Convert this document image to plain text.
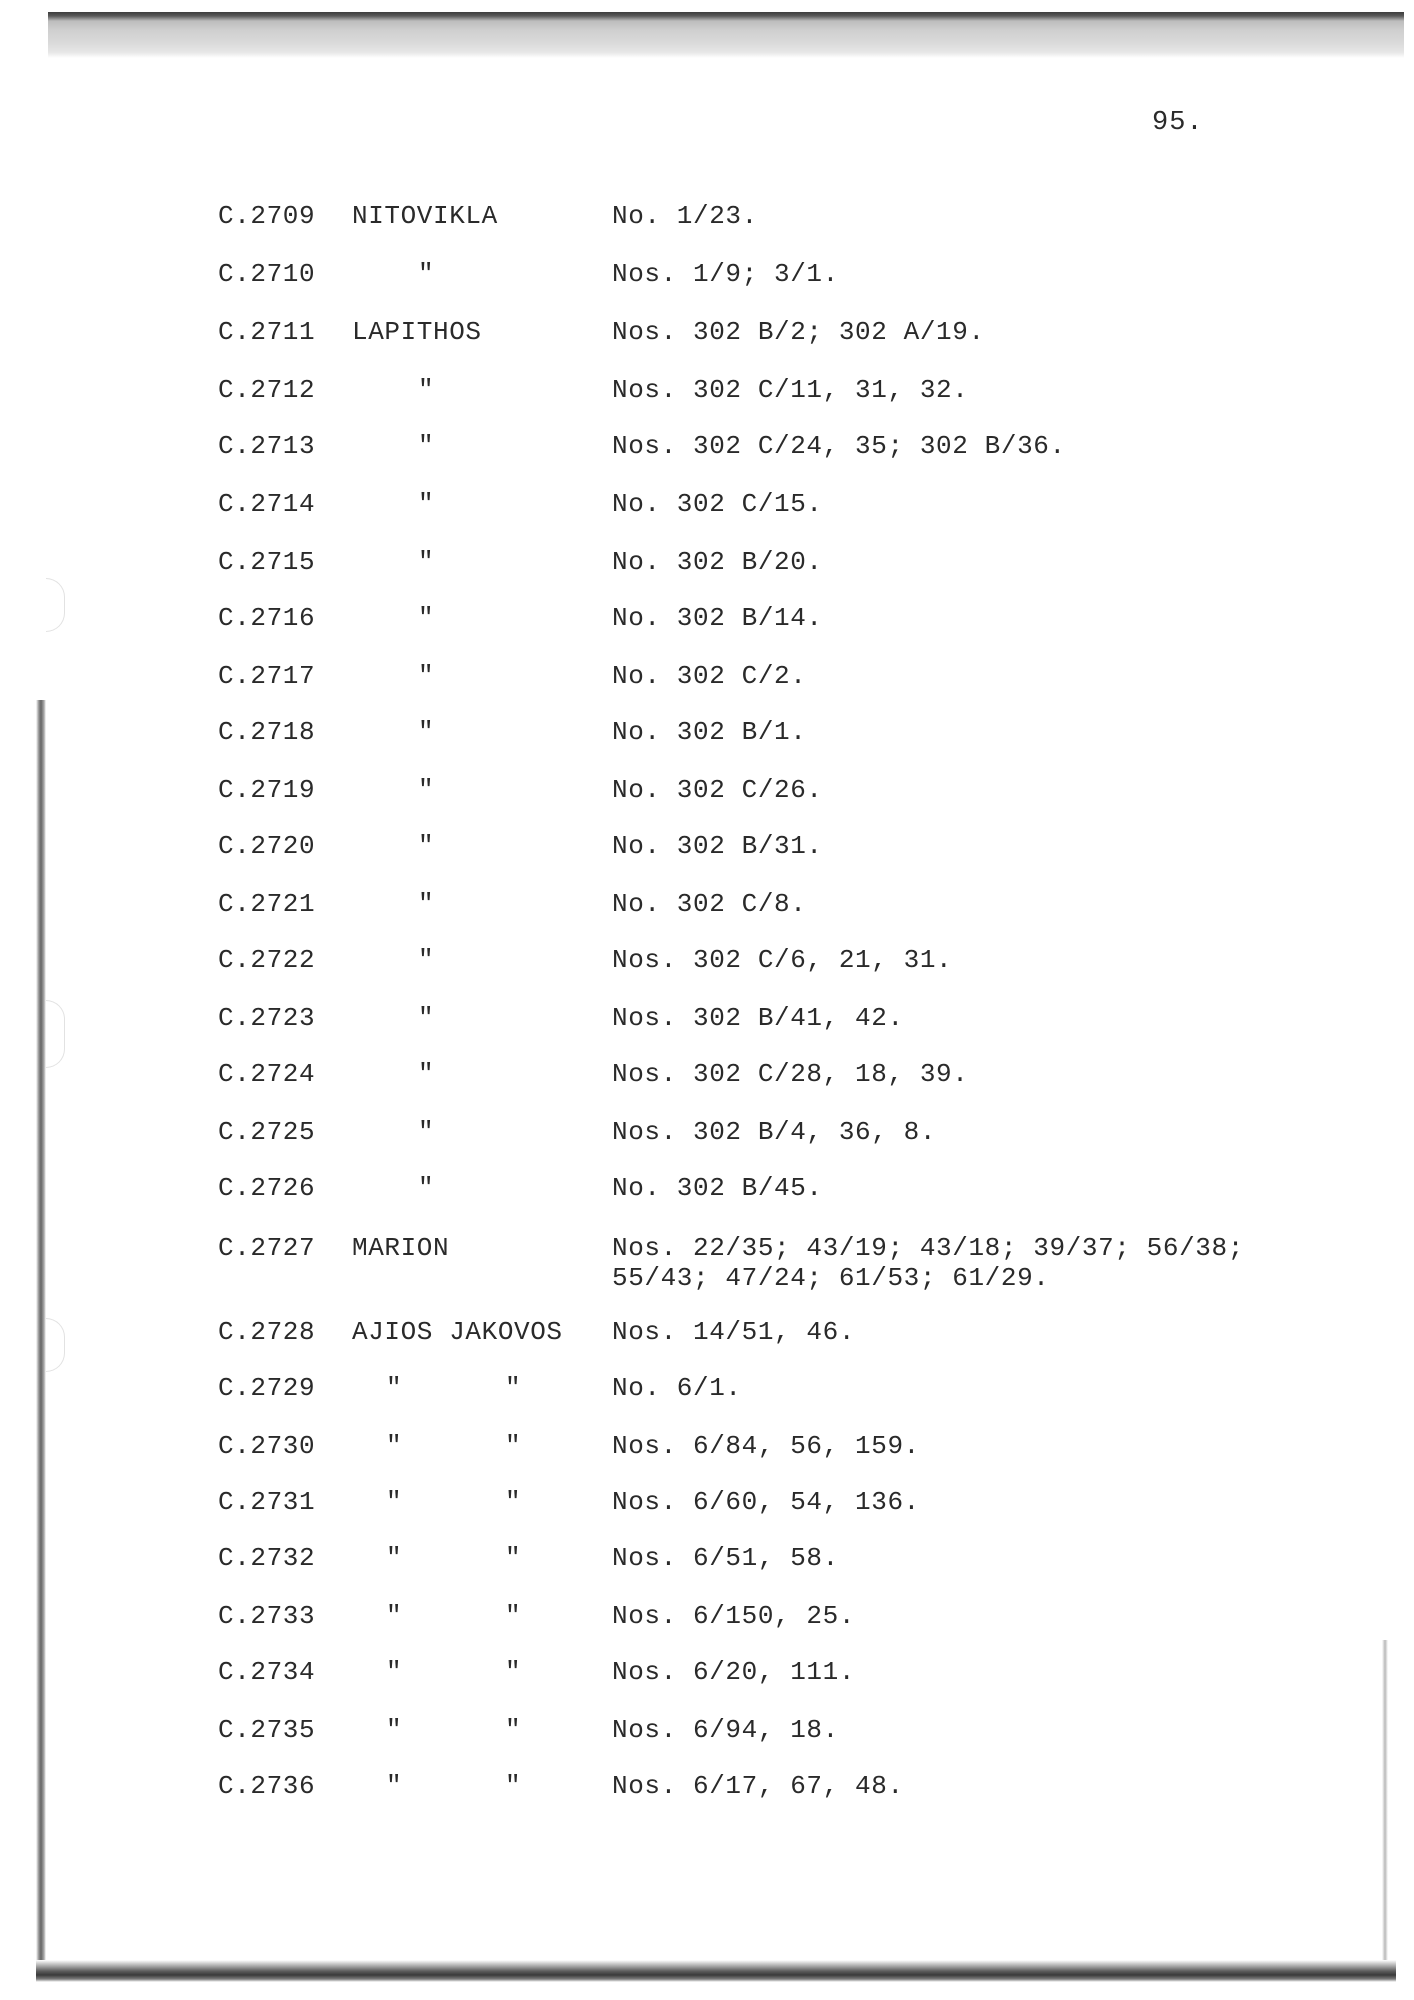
95.
C.2709 NITOVIKLA	No. 1/23.
C.2710	"	Nos. 1/9; 3/1.
C.2711 LAPITHOS	Nos. 302 B/2; 302 A/19.
C.2712	"	Nos. 302 C/11, 31, 32.
C.2713	"	Nos. 302 C/24, 35; 302 B/36.
C.2714	"	No. 302 C/15.
C.2715	"	No. 302 B/20.
C.2716	"	No. 302 B/14.
C.2717	"	No. 302 C/2.
C.2718	"	No. 302 B/1.
C.2719	"	No. 302 C/26.
C.2720	"	No. 302 B/31.
C.2721	"	No. 302 C/8.
C.2722	"	Nos. 302 C/6, 21, 31.
C.2723	"	Nos. 302 B/41, 42.
C.2724	"	Nos. 302 C/28, 18, 39.
C.2725	"	Nos. 302 B/4, 36, 8.
C.2726	"	No. 302 B/45.
C.2727 MARION	Nos. 22/35; 43/19; 43/18; 39/37; 56/38;
55/43; 47/24; 61/53; 61/29.
C.2728 AJIOS JAKOVOS Nos. 14/51, 46.
C.2729	"	"	No. 6/1.
C.2730	"	"	Nos. 6/84, 56, 159.
C.2731	"	"	Nos. 6/60, 54, 136.
C.2732	"	"	Nos. 6/51, 58.
C.2733	"	"	Nos. 6/150, 25.
C.2734	"	"	Nos. 6/20, 111.
C.2735	"	"	Nos. 6/94, 18.
C.2736	"	"	Nos. 6/17, 67, 48.
